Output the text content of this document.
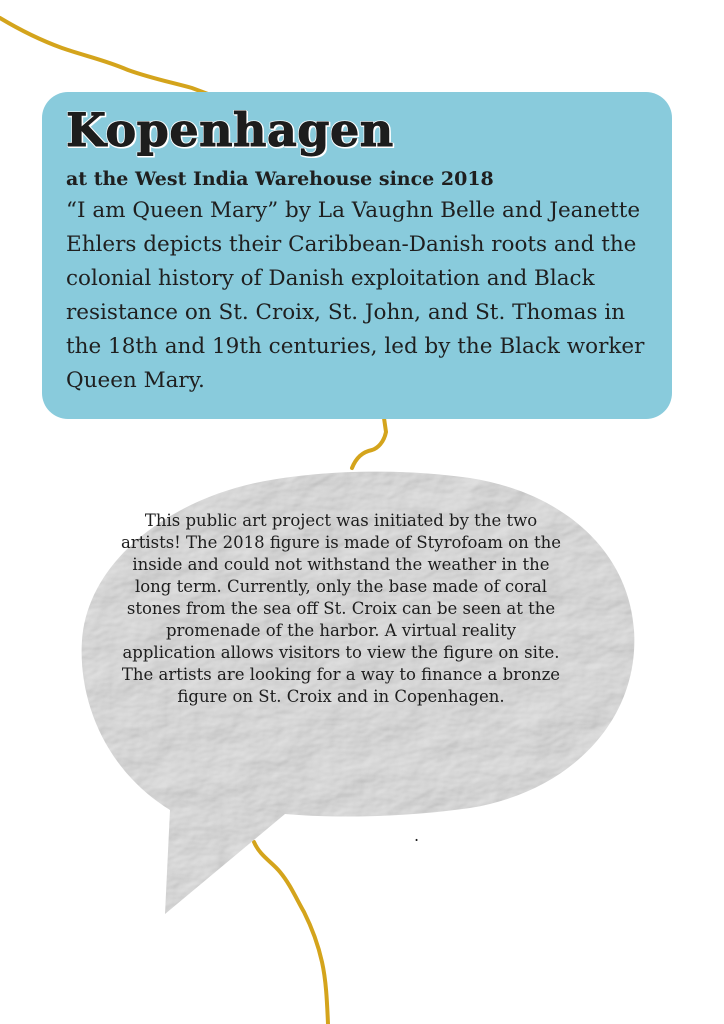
Kopenhagen

at the West India Warehouse since 2018

“I am Queen Mary” by La Vaughn Belle and Jeanette Ehlers depicts their Caribbean-Danish roots and the colonial history of Danish exploitation and Black resistance on St. Croix, St. John, and St. Thomas in the 18th and 19th centuries, led by the Black worker Queen Mary.

This public art project was initiated by the two artists! The 2018 figure is made of Styrofoam on the inside and could not withstand the weather in the long term. Currently, only the base made of coral stones from the sea off St. Croix can be seen at the promenade of the harbor. A virtual reality application allows visitors to view the figure on site. The artists are looking for a way to finance a bronze figure on St. Croix and in Copenhagen.
.
